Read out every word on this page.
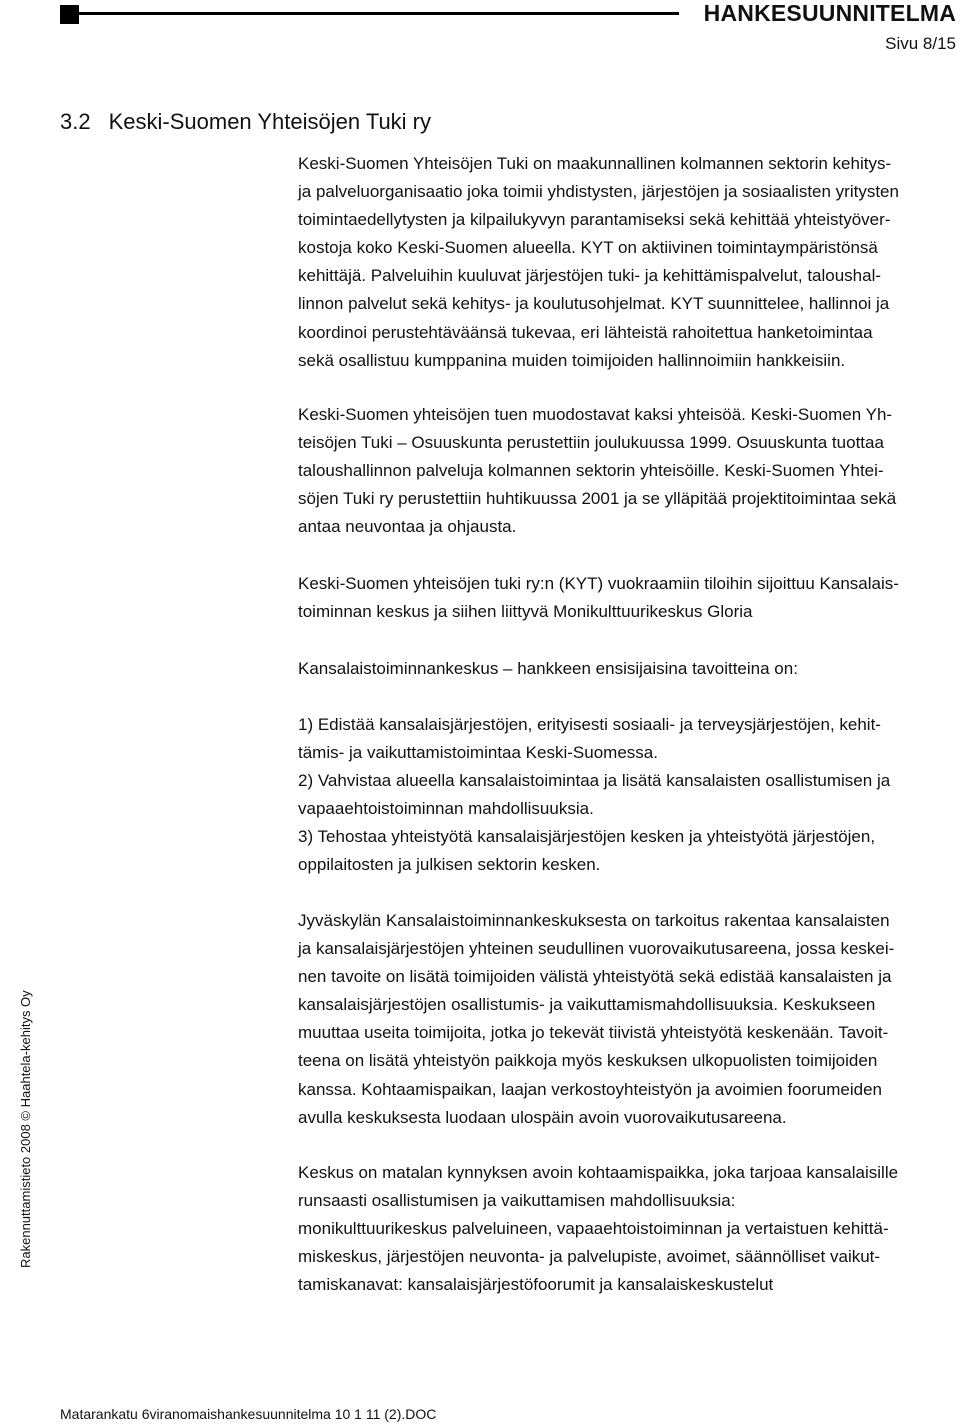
HANKESUUNNITELMA
Sivu 8/15
3.2 Keski-Suomen Yhteisöjen Tuki ry

Keski-Suomen Yhteisöjen Tuki on maakunnallinen kolmannen sektorin kehitys-
ja palveluorganisaatio joka toimii yhdistysten, järjestöjen ja sosiaalisten yritysten
toimintaedellytysten ja kilpailukyvyn parantamiseksi sekä kehittää yhteistyöver-
kostoja koko Keski-Suomen alueella. KYT on aktiivinen toimintaympäristönsä
kehittäjä. Palveluihin kuuluvat järjestöjen tuki- ja kehittämispalvelut, taloushal-
linnon palvelut sekä kehitys- ja koulutusohjelmat. KYT suunnittelee, hallinnoi ja
koordinoi perustehtäväänsä tukevaa, eri lähteistä rahoitettua hanketoimintaa
sekä osallistuu kumppanina muiden toimijoiden hallinnoimiin hankkeisiin.

Keski-Suomen yhteisöjen tuen muodostavat kaksi yhteisöä. Keski-Suomen Yh-
teisöjen Tuki – Osuuskunta perustettiin joulukuussa 1999. Osuuskunta tuottaa
taloushallinnon palveluja kolmannen sektorin yhteisöille. Keski-Suomen Yhtei-
söjen Tuki ry perustettiin huhtikuussa 2001 ja se ylläpitää projektitoimintaa sekä
antaa neuvontaa ja ohjausta.

Keski-Suomen yhteisöjen tuki ry:n (KYT) vuokraamiin tiloihin sijoittuu Kansalais-
toiminnan keskus ja siihen liittyvä Monikulttuurikeskus Gloria

Kansalaistoiminnankeskus – hankkeen ensisijaisina tavoitteina on:

1) Edistää kansalaisjärjestöjen, erityisesti sosiaali- ja terveysjärjestöjen, kehit-
tämis- ja vaikuttamistoimintaa Keski-Suomessa.
2) Vahvistaa alueella kansalaistoimintaa ja lisätä kansalaisten osallistumisen ja
vapaaehtoistoiminnan mahdollisuuksia.
3) Tehostaa yhteistyötä kansalaisjärjestöjen kesken ja yhteistyötä järjestöjen,
oppilaitosten ja julkisen sektorin kesken.

Jyväskylän Kansalaistoiminnankeskuksesta on tarkoitus rakentaa kansalaisten
ja kansalaisjärjestöjen yhteinen seudullinen vuorovaikutusareena, jossa keskei-
nen tavoite on lisätä toimijoiden välistä yhteistyötä sekä edistää kansalaisten ja
kansalaisjärjestöjen osallistumis- ja vaikuttamismahdollisuuksia. Keskukseen
muuttaa useita toimijoita, jotka jo tekevät tiivistä yhteistyötä keskenään. Tavoit-
teena on lisätä yhteistyön paikkoja myös keskuksen ulkopuolisten toimijoiden
kanssa. Kohtaamispaikan, laajan verkostoyhteistyön ja avoimien foorumeiden
avulla keskuksesta luodaan ulospäin avoin vuorovaikutusareena.

Keskus on matalan kynnyksen avoin kohtaamispaikka, joka tarjoaa kansalaisille
runsaasti osallistumisen ja vaikuttamisen mahdollisuuksia:
monikulttuurikeskus palveluineen, vapaaehtoistoiminnan ja vertaistuen kehittä-
miskeskus, järjestöjen neuvonta- ja palvelupiste, avoimet, säännölliset vaikut-
tamiskanavat: kansalaisjärjestöfoorumit ja kansalaiskeskustelut

Rakennuttamistieto 2008 © Haahtela-kehitys Oy
Matarankatu 6viranomaishankesuunnitelma 10 1 11 (2).DOC
